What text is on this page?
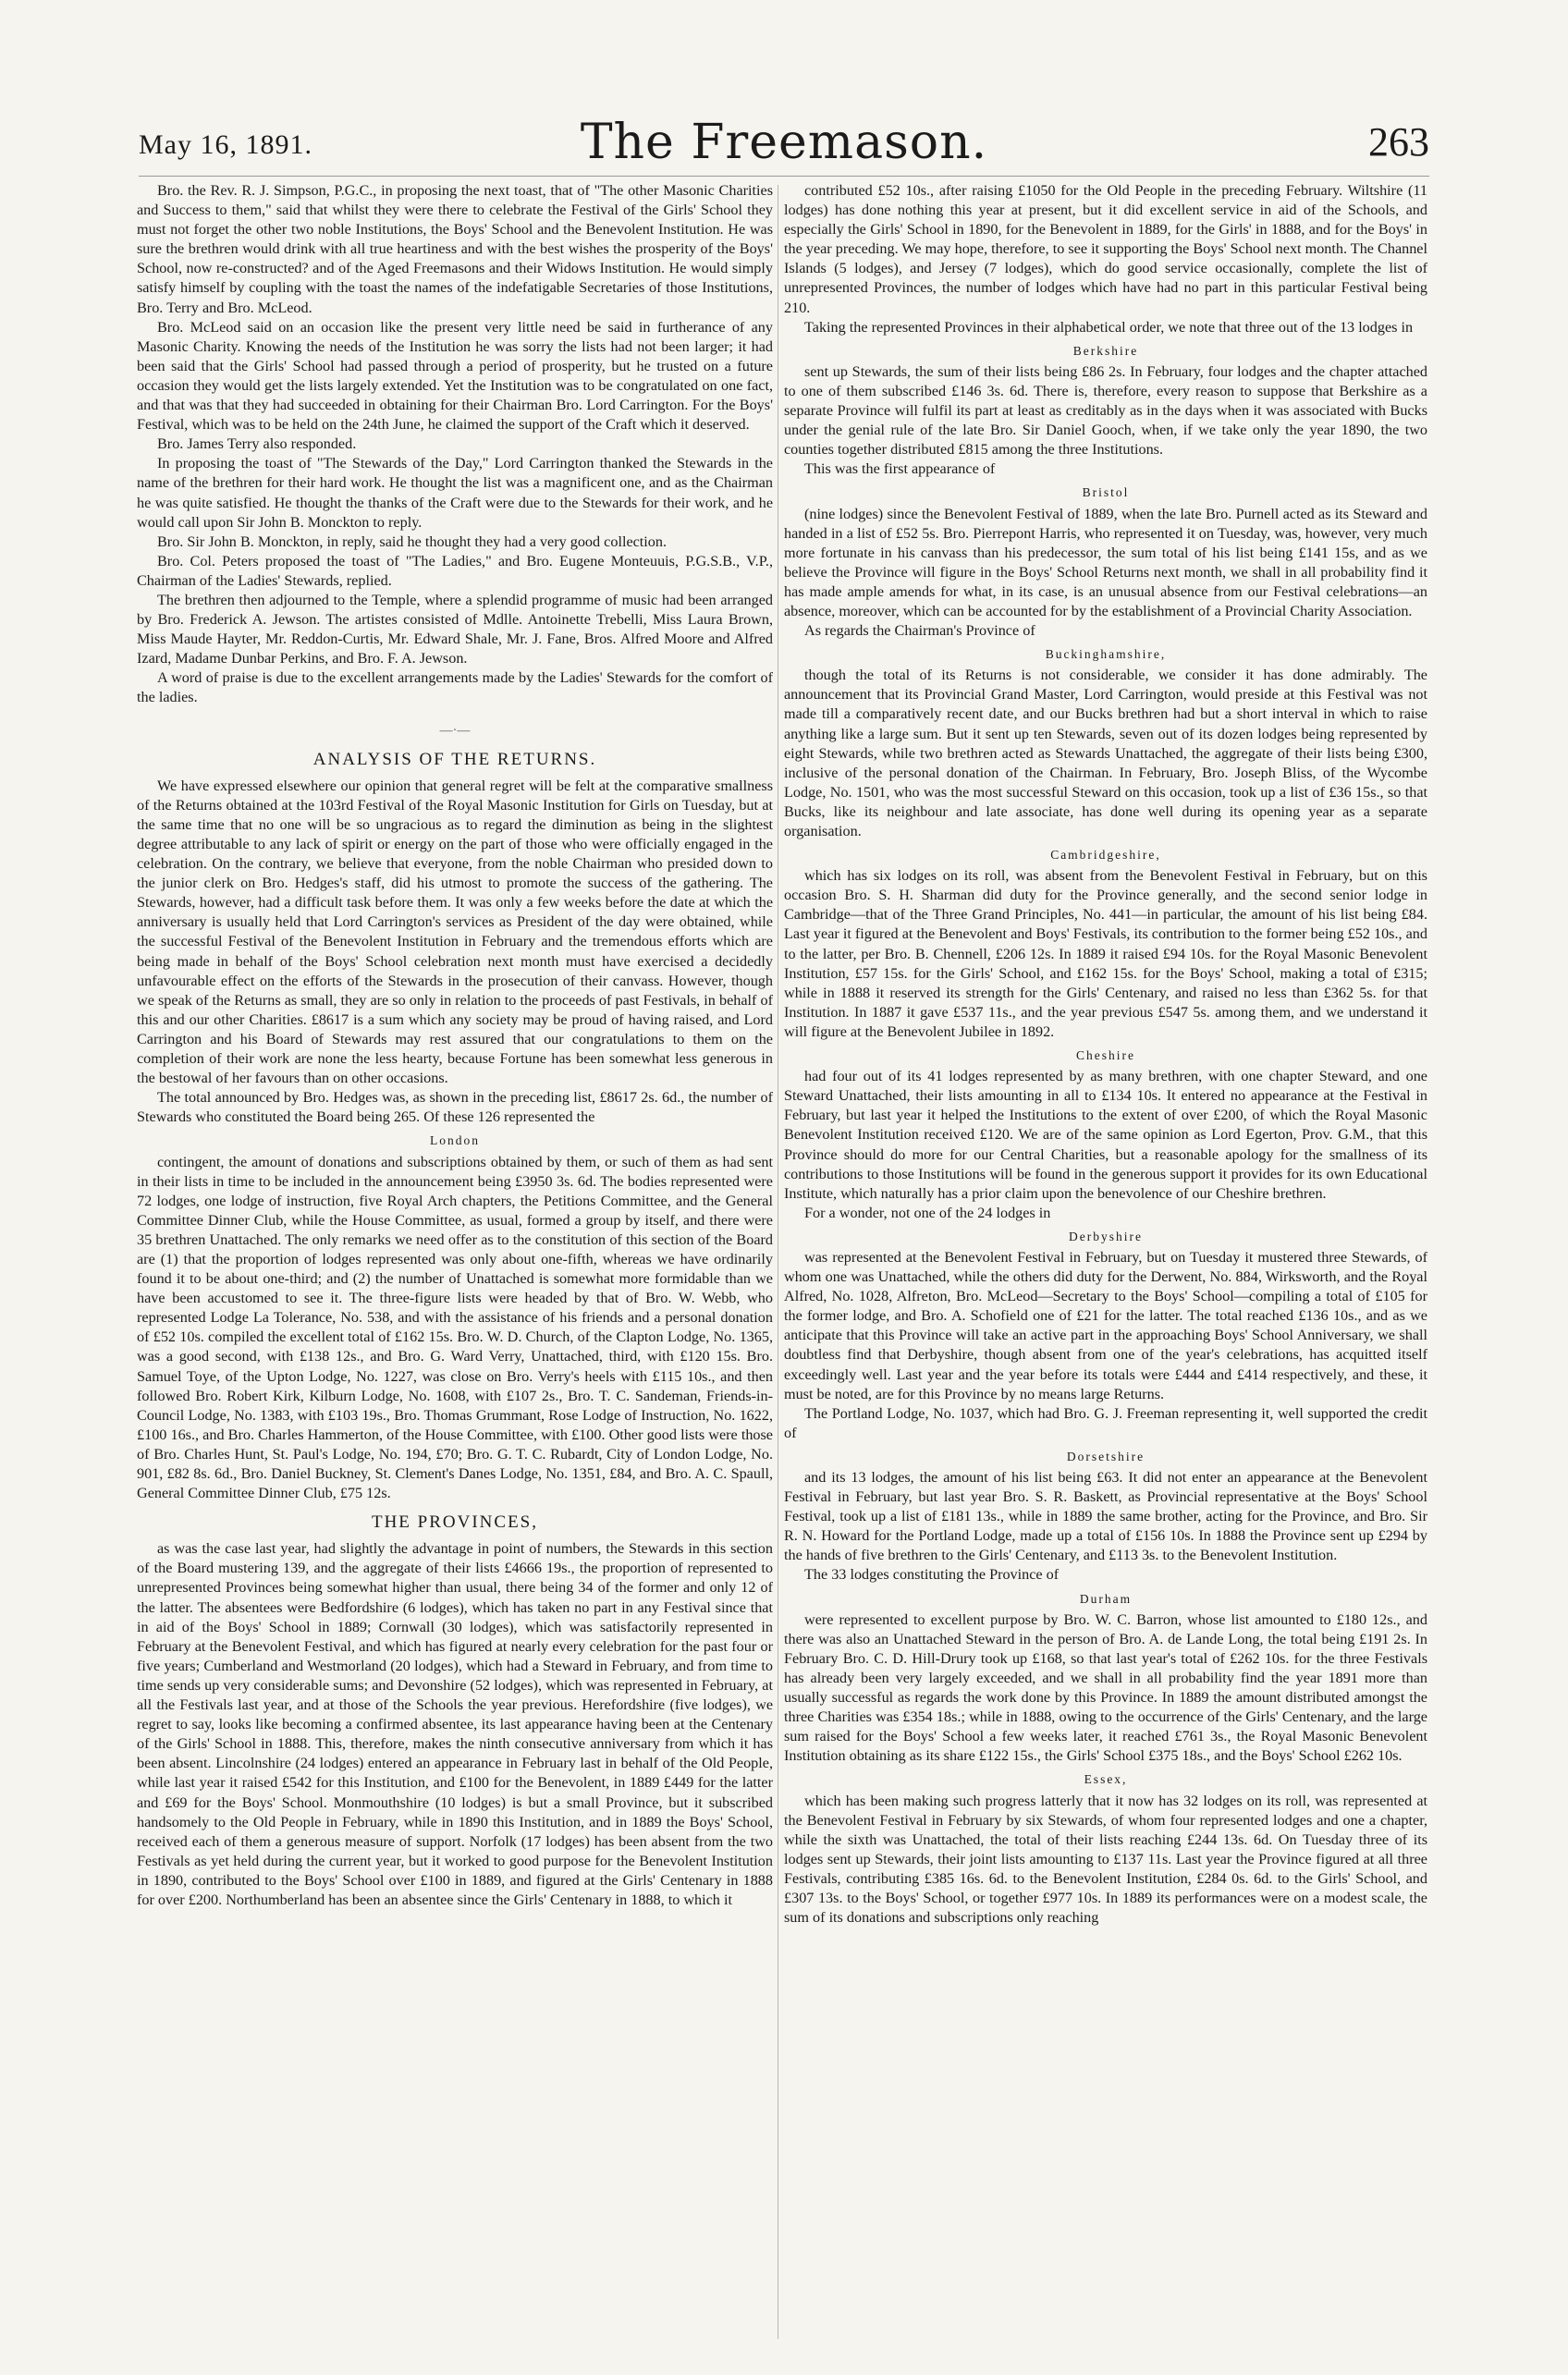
May 16, 1891.	The Freemason.	263

Bro. the Rev. R. J. Simpson, P.G.C., in proposing the next toast, that of "The other Masonic Charities and Success to them," said that whilst they were there to celebrate the Festival of the Girls' School they must not forget the other two noble Institutions, the Boys' School and the Benevolent Institution. He was sure the brethren would drink with all true heartiness and with the best wishes the prosperity of the Boys' School, now re-constructed? and of the Aged Freemasons and their Widows Institution. He would simply satisfy himself by coupling with the toast the names of the indefatigable Secretaries of those Institutions, Bro. Terry and Bro. McLeod.

Bro. McLeod said on an occasion like the present very little need be said in furtherance of any Masonic Charity. Knowing the needs of the Institution he was sorry the lists had not been larger; it had been said that the Girls' School had passed through a period of prosperity, but he trusted on a future occasion they would get the lists largely extended. Yet the Institution was to be congratulated on one fact, and that was that they had succeeded in obtaining for their Chairman Bro. Lord Carrington. For the Boys' Festival, which was to be held on the 24th June, he claimed the support of the Craft which it deserved.

Bro. James Terry also responded.

In proposing the toast of "The Stewards of the Day," Lord Carrington thanked the Stewards in the name of the brethren for their hard work. He thought the list was a magnificent one, and as the Chairman he was quite satisfied. He thought the thanks of the Craft were due to the Stewards for their work, and he would call upon Sir John B. Monckton to reply.

Bro. Sir John B. Monckton, in reply, said he thought they had a very good collection.

Bro. Col. Peters proposed the toast of "The Ladies," and Bro. Eugene Monteuuis, P.G.S.B., V.P., Chairman of the Ladies' Stewards, replied.

The brethren then adjourned to the Temple, where a splendid programme of music had been arranged by Bro. Frederick A. Jewson. The artistes consisted of Mdlle. Antoinette Trebelli, Miss Laura Brown, Miss Maude Hayter, Mr. Reddon-Curtis, Mr. Edward Shale, Mr. J. Fane, Bros. Alfred Moore and Alfred Izard, Madame Dunbar Perkins, and Bro. F. A. Jewson.

A word of praise is due to the excellent arrangements made by the Ladies' Stewards for the comfort of the ladies.

—·—

ANALYSIS OF THE RETURNS.

We have expressed elsewhere our opinion that general regret will be felt at the comparative smallness of the Returns obtained at the 103rd Festival of the Royal Masonic Institution for Girls on Tuesday, but at the same time that no one will be so ungracious as to regard the diminution as being in the slightest degree attributable to any lack of spirit or energy on the part of those who were officially engaged in the celebration. On the contrary, we believe that everyone, from the noble Chairman who presided down to the junior clerk on Bro. Hedges's staff, did his utmost to promote the success of the gathering. The Stewards, however, had a difficult task before them. It was only a few weeks before the date at which the anniversary is usually held that Lord Carrington's services as President of the day were obtained, while the successful Festival of the Benevolent Institution in February and the tremendous efforts which are being made in behalf of the Boys' School celebration next month must have exercised a decidedly unfavourable effect on the efforts of the Stewards in the prosecution of their canvass. However, though we speak of the Returns as small, they are so only in relation to the proceeds of past Festivals, in behalf of this and our other Charities. £8617 is a sum which any society may be proud of having raised, and Lord Carrington and his Board of Stewards may rest assured that our congratulations to them on the completion of their work are none the less hearty, because Fortune has been somewhat less generous in the bestowal of her favours than on other occasions.

The total announced by Bro. Hedges was, as shown in the preceding list, £8617 2s. 6d., the number of Stewards who constituted the Board being 265. Of these 126 represented the

London

contingent, the amount of donations and subscriptions obtained by them, or such of them as had sent in their lists in time to be included in the announcement being £3950 3s. 6d. The bodies represented were 72 lodges, one lodge of instruction, five Royal Arch chapters, the Petitions Committee, and the General Committee Dinner Club, while the House Committee, as usual, formed a group by itself, and there were 35 brethren Unattached. The only remarks we need offer as to the constitution of this section of the Board are (1) that the proportion of lodges represented was only about one-fifth, whereas we have ordinarily found it to be about one-third; and (2) the number of Unattached is somewhat more formidable than we have been accustomed to see it. The three-figure lists were headed by that of Bro. W. Webb, who represented Lodge La Tolerance, No. 538, and with the assistance of his friends and a personal donation of £52 10s. compiled the excellent total of £162 15s. Bro. W. D. Church, of the Clapton Lodge, No. 1365, was a good second, with £138 12s., and Bro. G. Ward Verry, Unattached, third, with £120 15s. Bro. Samuel Toye, of the Upton Lodge, No. 1227, was close on Bro. Verry's heels with £115 10s., and then followed Bro. Robert Kirk, Kilburn Lodge, No. 1608, with £107 2s., Bro. T. C. Sandeman, Friends-in-Council Lodge, No. 1383, with £103 19s., Bro. Thomas Grummant, Rose Lodge of Instruction, No. 1622, £100 16s., and Bro. Charles Hammerton, of the House Committee, with £100. Other good lists were those of Bro. Charles Hunt, St. Paul's Lodge, No. 194, £70; Bro. G. T. C. Rubardt, City of London Lodge, No. 901, £82 8s. 6d., Bro. Daniel Buckney, St. Clement's Danes Lodge, No. 1351, £84, and Bro. A. C. Spaull, General Committee Dinner Club, £75 12s.

THE PROVINCES,

as was the case last year, had slightly the advantage in point of numbers, the Stewards in this section of the Board mustering 139, and the aggregate of their lists £4666 19s., the proportion of represented to unrepresented Provinces being somewhat higher than usual, there being 34 of the former and only 12 of the latter. The absentees were Bedfordshire (6 lodges), which has taken no part in any Festival since that in aid of the Boys' School in 1889; Cornwall (30 lodges), which was satisfactorily represented in February at the Benevolent Festival, and which has figured at nearly every celebration for the past four or five years; Cumberland and Westmorland (20 lodges), which had a Steward in February, and from time to time sends up very considerable sums; and Devonshire (52 lodges), which was represented in February, at all the Festivals last year, and at those of the Schools the year previous. Herefordshire (five lodges), we regret to say, looks like becoming a confirmed absentee, its last appearance having been at the Centenary of the Girls' School in 1888. This, therefore, makes the ninth consecutive anniversary from which it has been absent. Lincolnshire (24 lodges) entered an appearance in February last in behalf of the Old People, while last year it raised £542 for this Institution, and £100 for the Benevolent, in 1889 £449 for the latter and £69 for the Boys' School. Monmouthshire (10 lodges) is but a small Province, but it subscribed handsomely to the Old People in February, while in 1890 this Institution, and in 1889 the Boys' School, received each of them a generous measure of support. Norfolk (17 lodges) has been absent from the two Festivals as yet held during the current year, but it worked to good purpose for the Benevolent Institution in 1890, contributed to the Boys' School over £100 in 1889, and figured at the Girls' Centenary in 1888 for over £200. Northumberland has been an absentee since the Girls' Centenary in 1888, to which it

contributed £52 10s., after raising £1050 for the Old People in the preceding February. Wiltshire (11 lodges) has done nothing this year at present, but it did excellent service in aid of the Schools, and especially the Girls' School in 1890, for the Benevolent in 1889, for the Girls' in 1888, and for the Boys' in the year preceding. We may hope, therefore, to see it supporting the Boys' School next month. The Channel Islands (5 lodges), and Jersey (7 lodges), which do good service occasionally, complete the list of unrepresented Provinces, the number of lodges which have had no part in this particular Festival being 210.

Taking the represented Provinces in their alphabetical order, we note that three out of the 13 lodges in

Berkshire

sent up Stewards, the sum of their lists being £86 2s. In February, four lodges and the chapter attached to one of them subscribed £146 3s. 6d. There is, therefore, every reason to suppose that Berkshire as a separate Province will fulfil its part at least as creditably as in the days when it was associated with Bucks under the genial rule of the late Bro. Sir Daniel Gooch, when, if we take only the year 1890, the two counties together distributed £815 among the three Institutions.

This was the first appearance of

Bristol

(nine lodges) since the Benevolent Festival of 1889, when the late Bro. Purnell acted as its Steward and handed in a list of £52 5s. Bro. Pierrepont Harris, who represented it on Tuesday, was, however, very much more fortunate in his canvass than his predecessor, the sum total of his list being £141 15s, and as we believe the Province will figure in the Boys' School Returns next month, we shall in all probability find it has made ample amends for what, in its case, is an unusual absence from our Festival celebrations—an absence, moreover, which can be accounted for by the establishment of a Provincial Charity Association.

As regards the Chairman's Province of

Buckinghamshire,

though the total of its Returns is not considerable, we consider it has done admirably. The announcement that its Provincial Grand Master, Lord Carrington, would preside at this Festival was not made till a comparatively recent date, and our Bucks brethren had but a short interval in which to raise anything like a large sum. But it sent up ten Stewards, seven out of its dozen lodges being represented by eight Stewards, while two brethren acted as Stewards Unattached, the aggregate of their lists being £300, inclusive of the personal donation of the Chairman. In February, Bro. Joseph Bliss, of the Wycombe Lodge, No. 1501, who was the most successful Steward on this occasion, took up a list of £36 15s., so that Bucks, like its neighbour and late associate, has done well during its opening year as a separate organisation.

Cambridgeshire,

which has six lodges on its roll, was absent from the Benevolent Festival in February, but on this occasion Bro. S. H. Sharman did duty for the Province generally, and the second senior lodge in Cambridge—that of the Three Grand Principles, No. 441—in particular, the amount of his list being £84. Last year it figured at the Benevolent and Boys' Festivals, its contribution to the former being £52 10s., and to the latter, per Bro. B. Chennell, £206 12s. In 1889 it raised £94 10s. for the Royal Masonic Benevolent Institution, £57 15s. for the Girls' School, and £162 15s. for the Boys' School, making a total of £315; while in 1888 it reserved its strength for the Girls' Centenary, and raised no less than £362 5s. for that Institution. In 1887 it gave £537 11s., and the year previous £547 5s. among them, and we understand it will figure at the Benevolent Jubilee in 1892.

Cheshire

had four out of its 41 lodges represented by as many brethren, with one chapter Steward, and one Steward Unattached, their lists amounting in all to £134 10s. It entered no appearance at the Festival in February, but last year it helped the Institutions to the extent of over £200, of which the Royal Masonic Benevolent Institution received £120. We are of the same opinion as Lord Egerton, Prov. G.M., that this Province should do more for our Central Charities, but a reasonable apology for the smallness of its contributions to those Institutions will be found in the generous support it provides for its own Educational Institute, which naturally has a prior claim upon the benevolence of our Cheshire brethren.

For a wonder, not one of the 24 lodges in

Derbyshire

was represented at the Benevolent Festival in February, but on Tuesday it mustered three Stewards, of whom one was Unattached, while the others did duty for the Derwent, No. 884, Wirksworth, and the Royal Alfred, No. 1028, Alfreton, Bro. McLeod—Secretary to the Boys' School—compiling a total of £105 for the former lodge, and Bro. A. Schofield one of £21 for the latter. The total reached £136 10s., and as we anticipate that this Province will take an active part in the approaching Boys' School Anniversary, we shall doubtless find that Derbyshire, though absent from one of the year's celebrations, has acquitted itself exceedingly well. Last year and the year before its totals were £444 and £414 respectively, and these, it must be noted, are for this Province by no means large Returns.

The Portland Lodge, No. 1037, which had Bro. G. J. Freeman representing it, well supported the credit of

Dorsetshire

and its 13 lodges, the amount of his list being £63. It did not enter an appearance at the Benevolent Festival in February, but last year Bro. S. R. Baskett, as Provincial representative at the Boys' School Festival, took up a list of £181 13s., while in 1889 the same brother, acting for the Province, and Bro. Sir R. N. Howard for the Portland Lodge, made up a total of £156 10s. In 1888 the Province sent up £294 by the hands of five brethren to the Girls' Centenary, and £113 3s. to the Benevolent Institution.

The 33 lodges constituting the Province of

Durham

were represented to excellent purpose by Bro. W. C. Barron, whose list amounted to £180 12s., and there was also an Unattached Steward in the person of Bro. A. de Lande Long, the total being £191 2s. In February Bro. C. D. Hill-Drury took up £168, so that last year's total of £262 10s. for the three Festivals has already been very largely exceeded, and we shall in all probability find the year 1891 more than usually successful as regards the work done by this Province. In 1889 the amount distributed amongst the three Charities was £354 18s.; while in 1888, owing to the occurrence of the Girls' Centenary, and the large sum raised for the Boys' School a few weeks later, it reached £761 3s., the Royal Masonic Benevolent Institution obtaining as its share £122 15s., the Girls' School £375 18s., and the Boys' School £262 10s.

Essex,

which has been making such progress latterly that it now has 32 lodges on its roll, was represented at the Benevolent Festival in February by six Stewards, of whom four represented lodges and one a chapter, while the sixth was Unattached, the total of their lists reaching £244 13s. 6d. On Tuesday three of its lodges sent up Stewards, their joint lists amounting to £137 11s. Last year the Province figured at all three Festivals, contributing £385 16s. 6d. to the Benevolent Institution, £284 0s. 6d. to the Girls' School, and £307 13s. to the Boys' School, or together £977 10s. In 1889 its performances were on a modest scale, the sum of its donations and subscriptions only reaching
